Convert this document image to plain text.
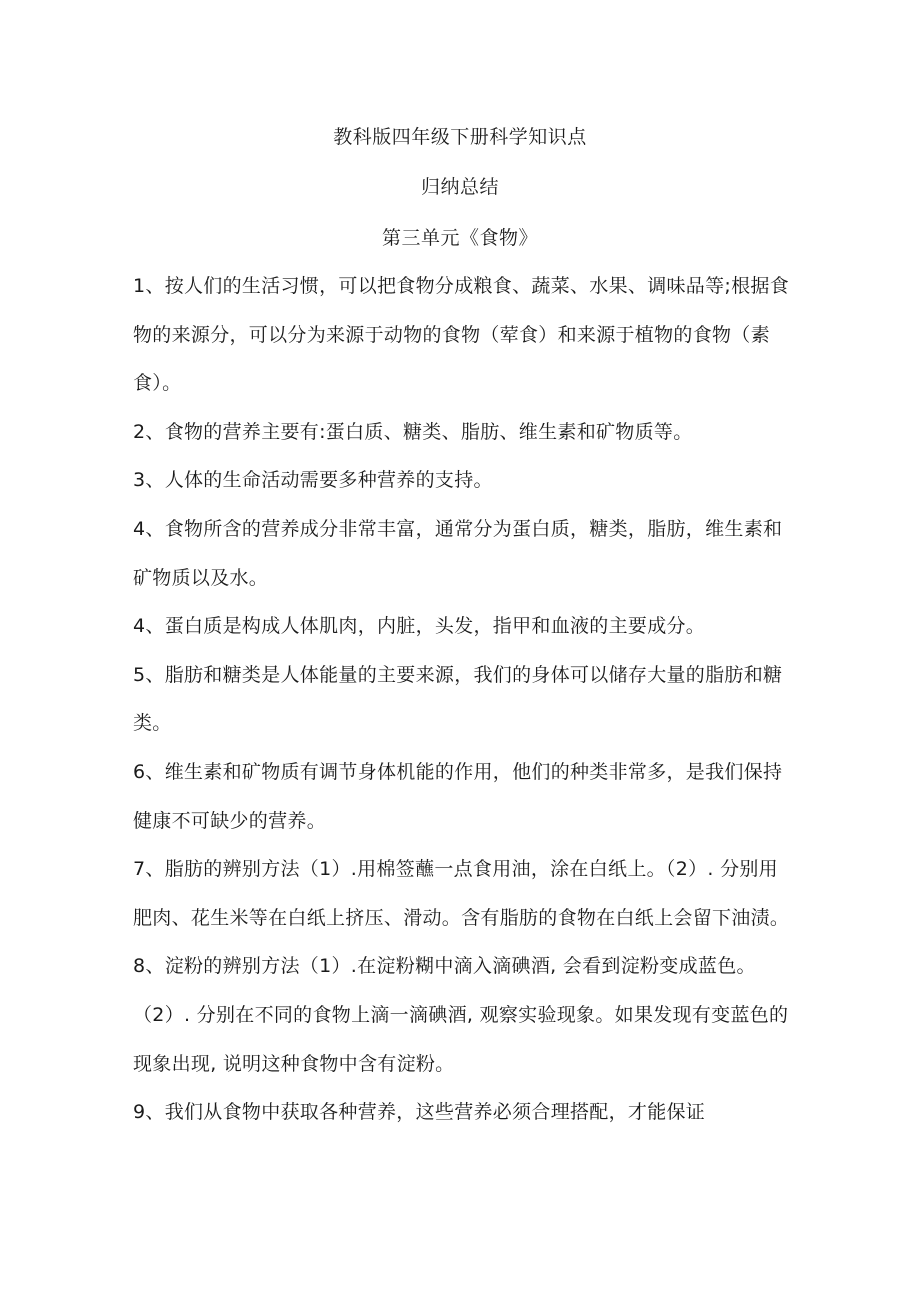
教科版四年级下册科学知识点
归纳总结
第三单元《食物》

1、按人们的生活习惯，可以把食物分成粮食、蔬菜、水果、调味品等;根据食物的来源分，可以分为来源于动物的食物（荤食）和来源于植物的食物（素食）。

2、食物的营养主要有:蛋白质、糖类、脂肪、维生素和矿物质等。

3、人体的生命活动需要多种营养的支持。

4、食物所含的营养成分非常丰富，通常分为蛋白质，糖类，脂肪，维生素和矿物质以及水。

4、蛋白质是构成人体肌肉，内脏，头发，指甲和血液的主要成分。

5、脂肪和糖类是人体能量的主要来源，我们的身体可以储存大量的脂肪和糖类。

6、维生素和矿物质有调节身体机能的作用，他们的种类非常多，是我们保持健康不可缺少的营养。

7、脂肪的辨别方法（1）.用棉签蘸一点食用油，涂在白纸上。（2）. 分别用肥肉、花生米等在白纸上挤压、滑动。含有脂肪的食物在白纸上会留下油渍。

8、淀粉的辨别方法（1）.在淀粉糊中滴入滴碘酒, 会看到淀粉变成蓝色。

（2）. 分别在不同的食物上滴一滴碘酒, 观察实验现象。如果发现有变蓝色的现象出现, 说明这种食物中含有淀粉。

9、我们从食物中获取各种营养，这些营养必须合理搭配，才能保证
